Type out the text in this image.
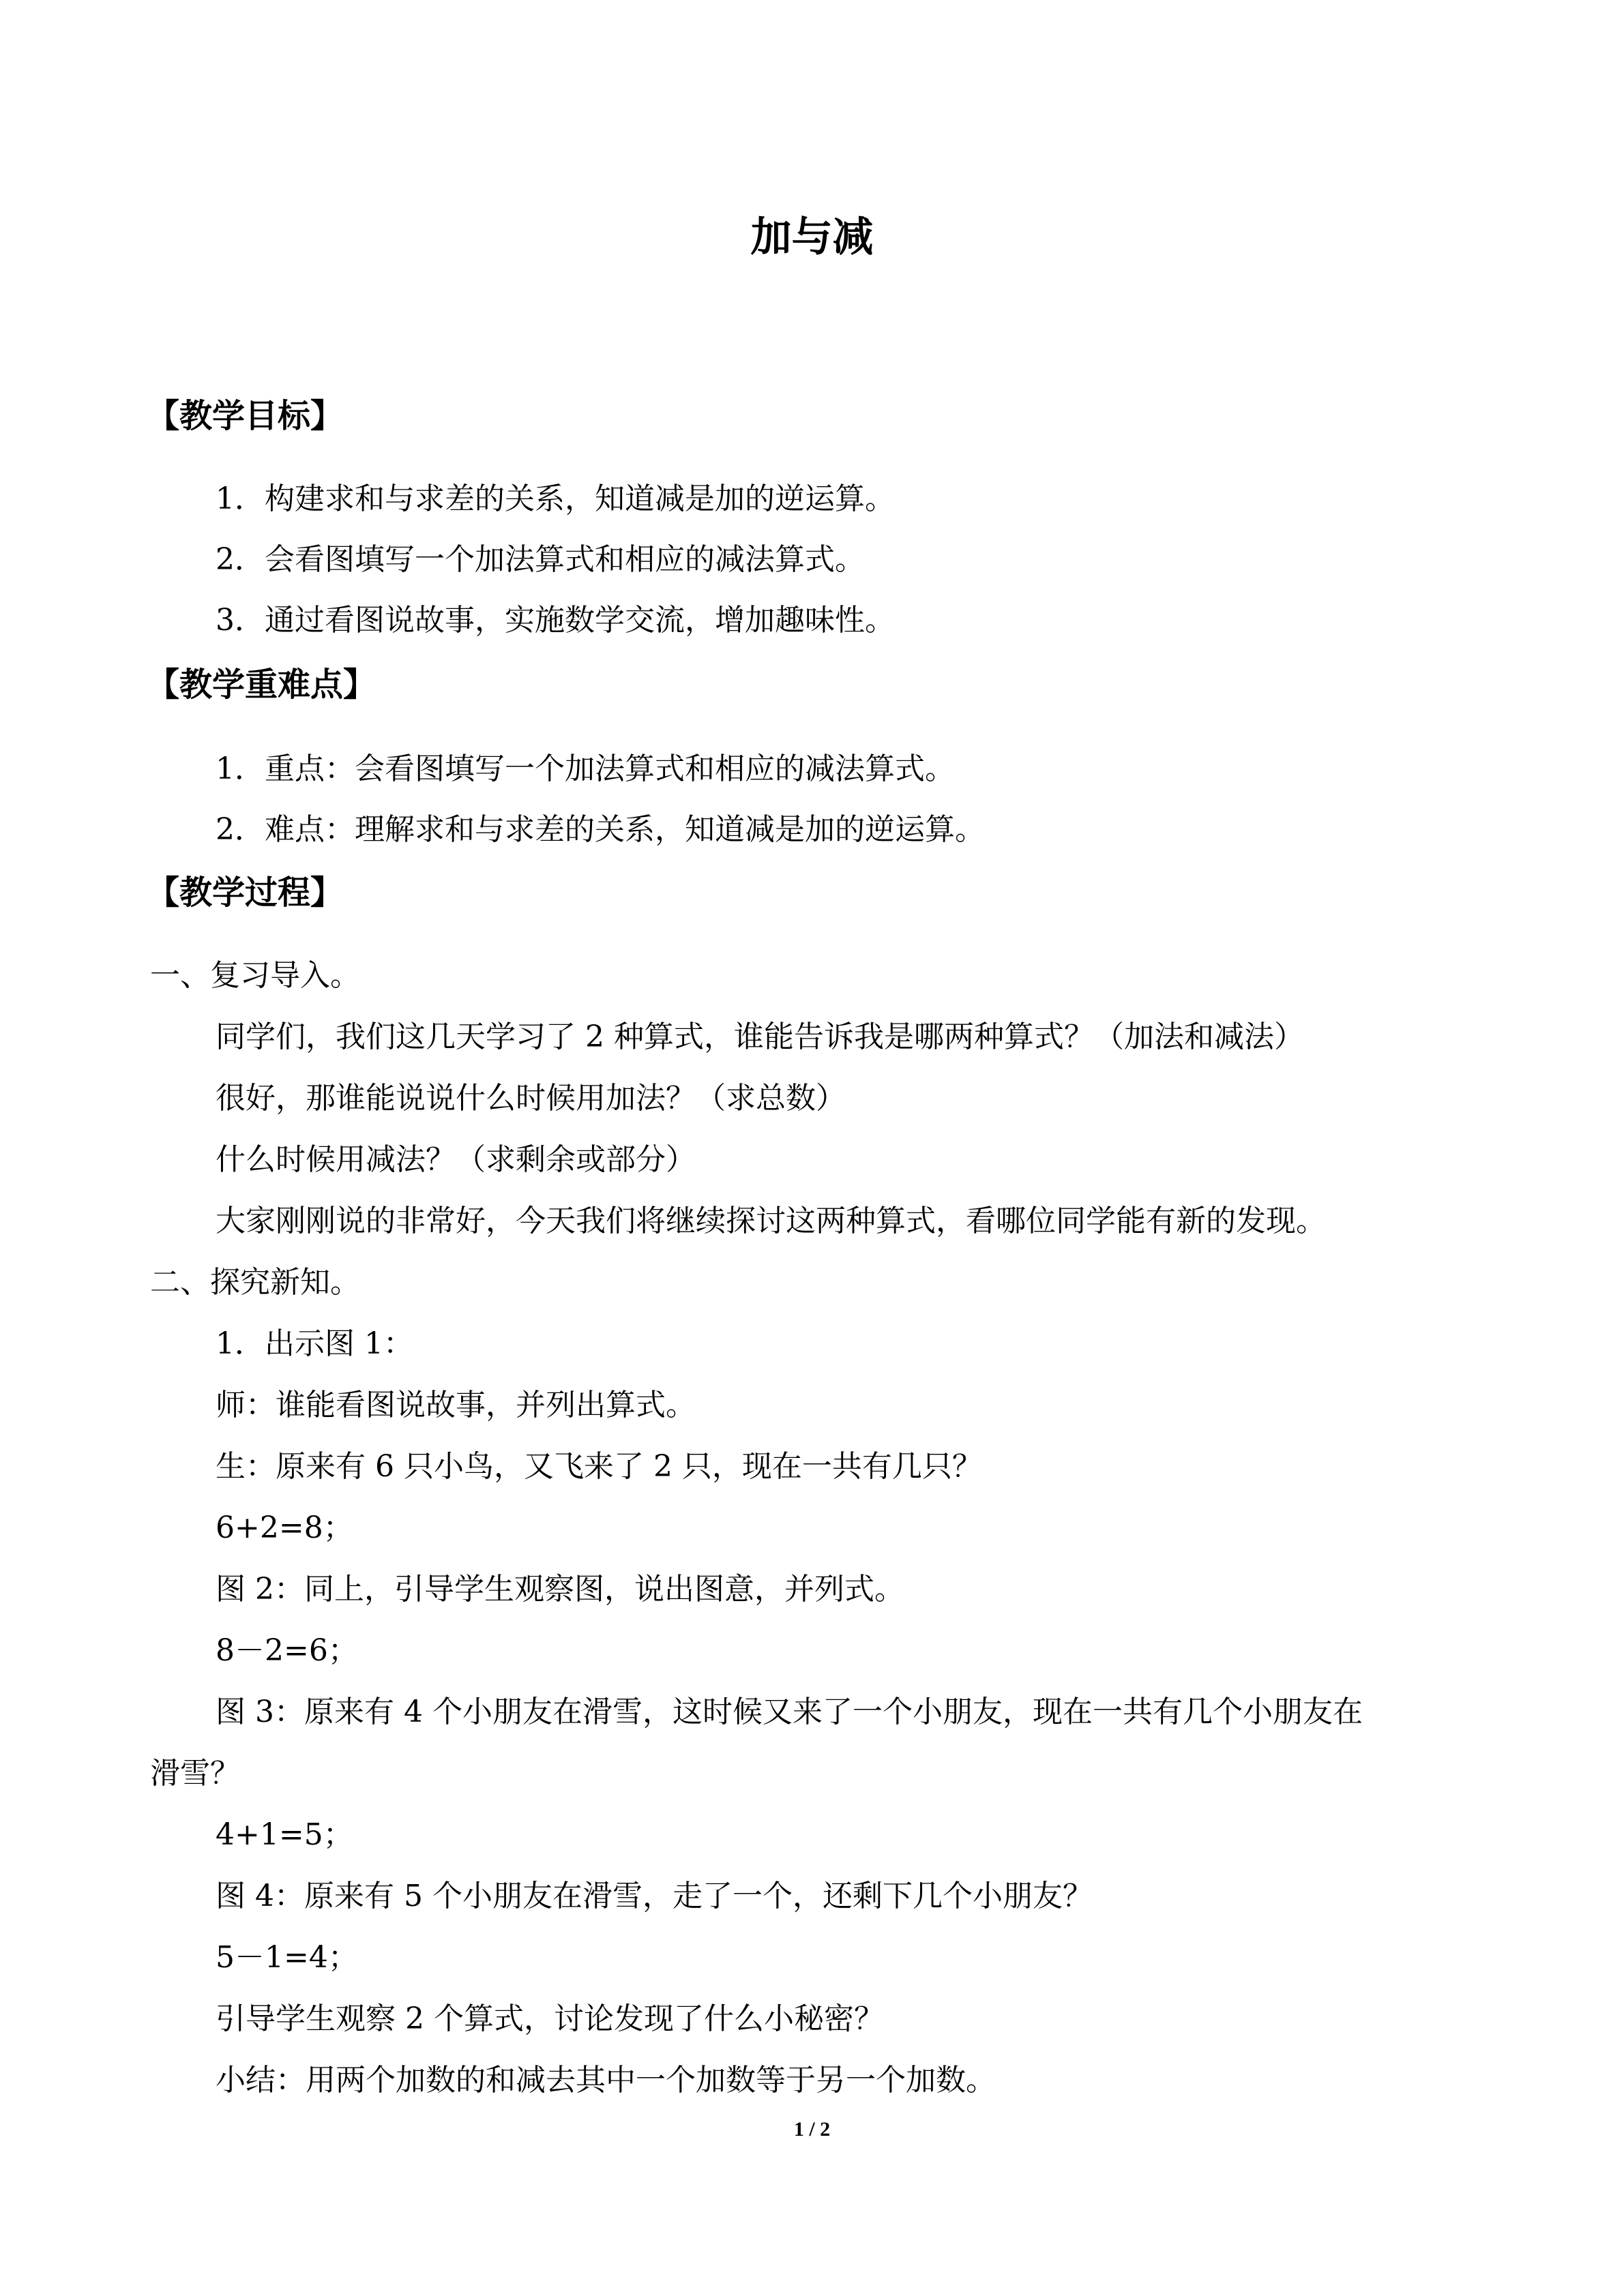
加与减
【教学目标】
1．构建求和与求差的关系，知道减是加的逆运算。
2．会看图填写一个加法算式和相应的减法算式。
3．通过看图说故事，实施数学交流，增加趣味性。
【教学重难点】
1．重点：会看图填写一个加法算式和相应的减法算式。
2．难点：理解求和与求差的关系，知道减是加的逆运算。
【教学过程】
一、复习导入。
同学们，我们这几天学习了 2 种算式，谁能告诉我是哪两种算式？（加法和减法）
很好，那谁能说说什么时候用加法？（求总数）
什么时候用减法？（求剩余或部分）
大家刚刚说的非常好，今天我们将继续探讨这两种算式，看哪位同学能有新的发现。
二、探究新知。
1．出示图 1：
师：谁能看图说故事，并列出算式。
生：原来有 6 只小鸟，又飞来了 2 只，现在一共有几只？
6+2=8；
图 2：同上，引导学生观察图，说出图意，并列式。
8－2=6；
图 3：原来有 4 个小朋友在滑雪，这时候又来了一个小朋友，现在一共有几个小朋友在
滑雪？
4+1=5；
图 4：原来有 5 个小朋友在滑雪，走了一个，还剩下几个小朋友？
5－1=4；
引导学生观察 2 个算式，讨论发现了什么小秘密？
小结：用两个加数的和减去其中一个加数等于另一个加数。
1 / 2
